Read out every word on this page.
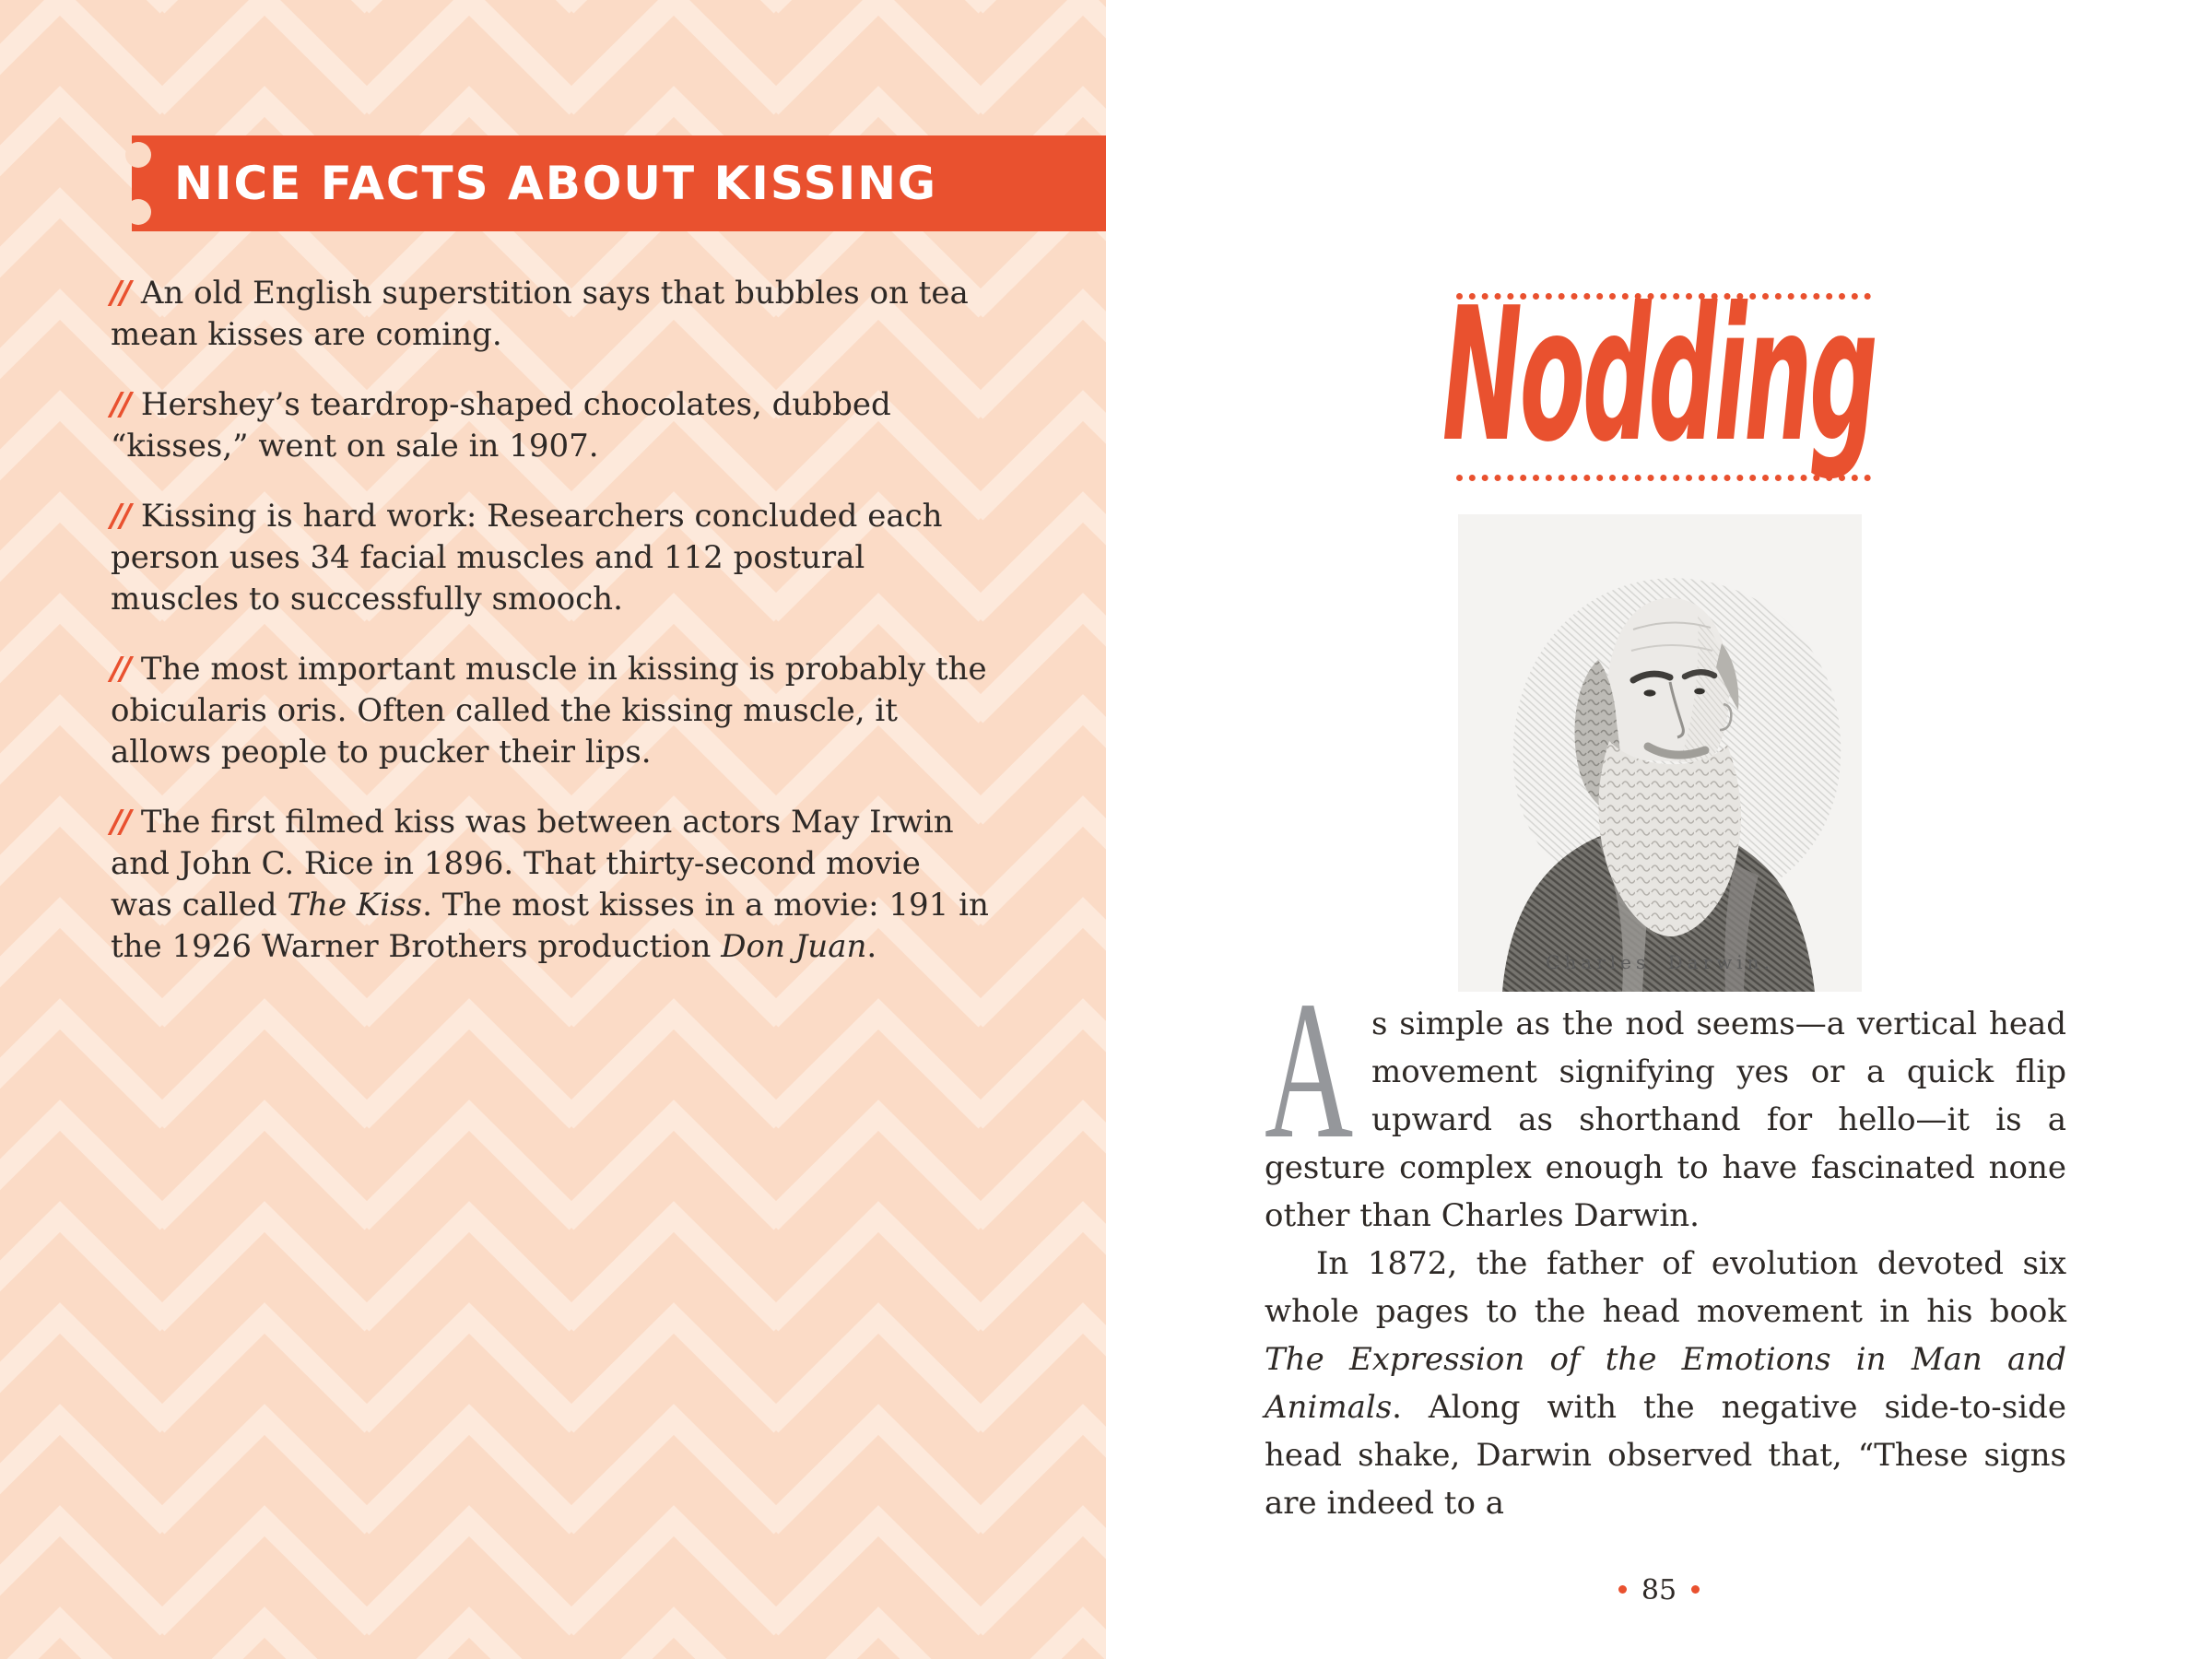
NICE FACTS ABOUT KISSING
// An old English superstition says that bubbles on tea mean kisses are coming.
// Hershey’s teardrop-shaped chocolates, dubbed “kisses,” went on sale in 1907.
// Kissing is hard work: Researchers concluded each person uses 34 facial muscles and 112 postural muscles to successfully smooch.
// The most important muscle in kissing is probably the obicularis oris. Often called the kissing muscle, it allows people to pucker their lips.
// The first filmed kiss was between actors May Irwin and John C. Rice in 1896. That thirty-second movie was called The Kiss. The most kisses in a movie: 191 in the 1926 Warner Brothers production Don Juan.
Nodding
Charles Darwin.

As simple as the nod seems—a vertical head movement signifying yes or a quick flip upward as shorthand for hello—it is a gesture complex enough to have fascinated none other than Charles Darwin.

In 1872, the father of evolution devoted six whole pages to the head movement in his book The Expression of the Emotions in Man and Animals. Along with the negative side-to-side head shake, Darwin observed that, “These signs are indeed to a

85
